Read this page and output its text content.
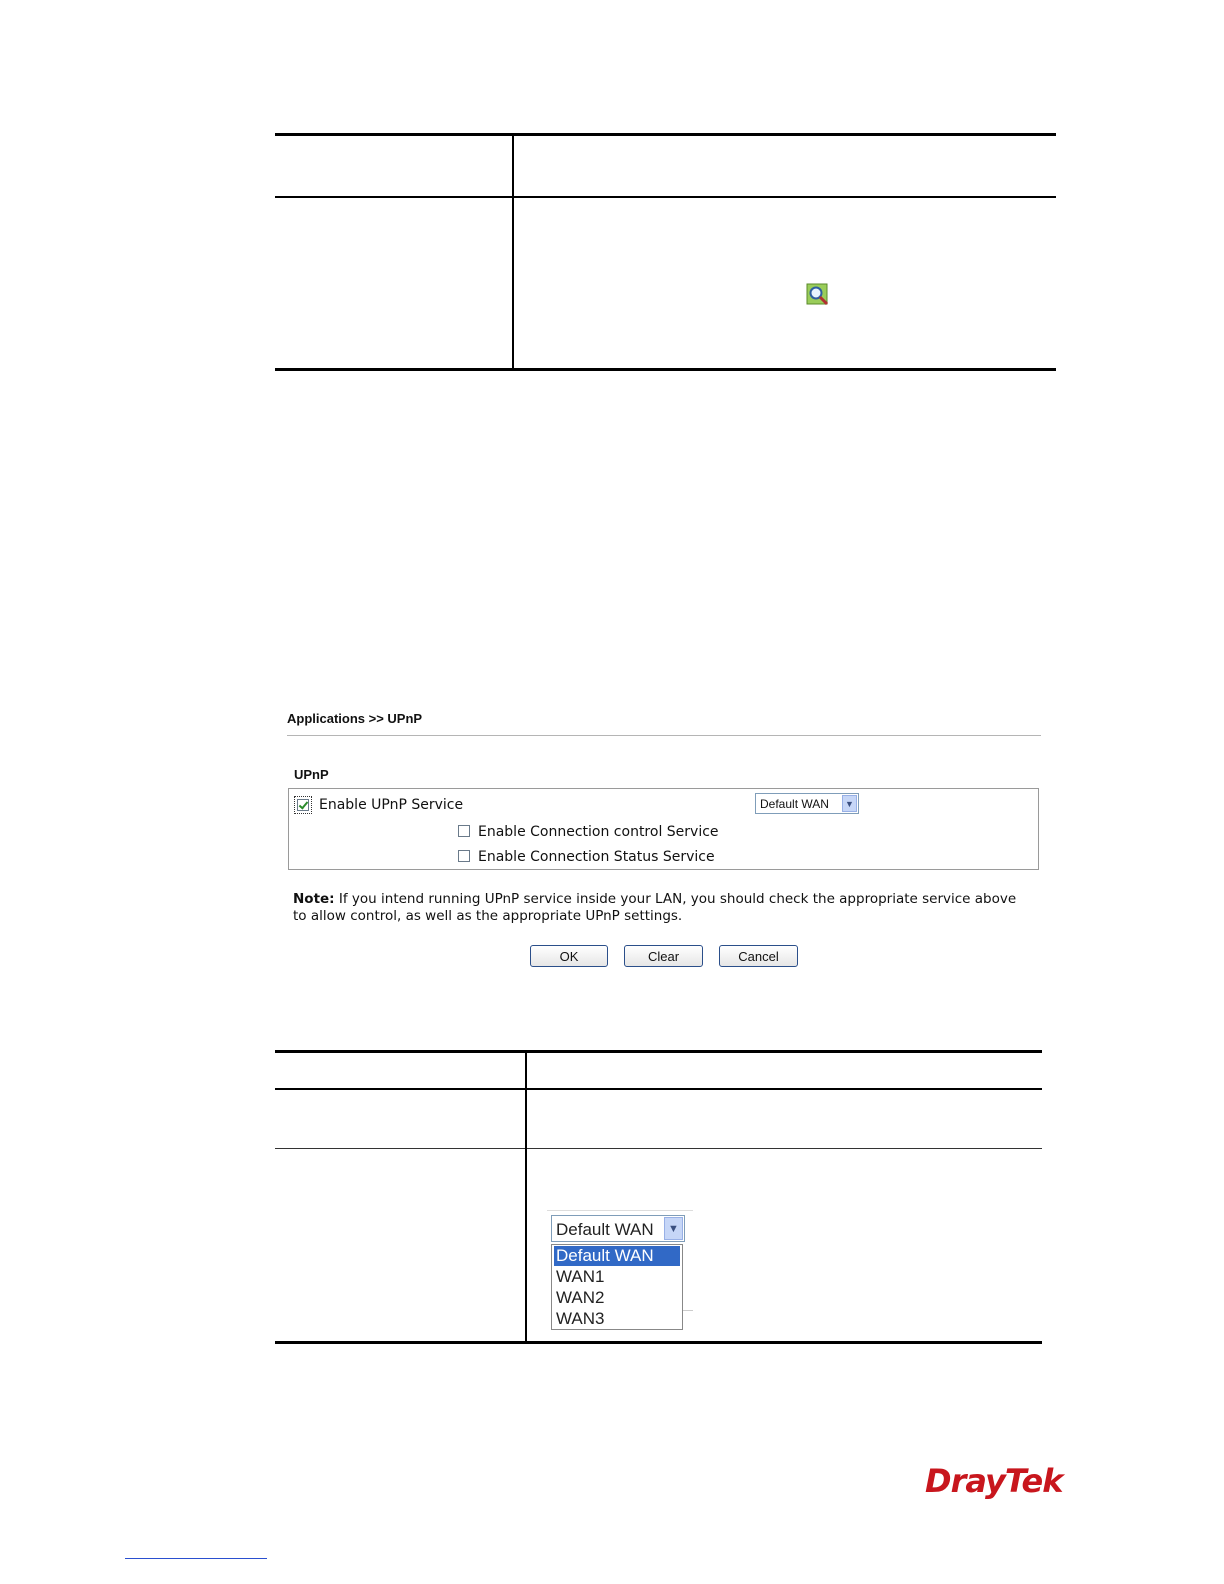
Applications >> UPnP
UPnP
Enable UPnP Service	Default WAN	▼
Enable Connection control Service
Enable Connection Status Service
Note: If you intend running UPnP service inside your LAN, you should check the appropriate service above to allow control, as well as the appropriate UPnP settings.
OK	Clear	Cancel
Default WAN	▼
Default WAN
WAN1
WAN2
WAN3
DrayTek
